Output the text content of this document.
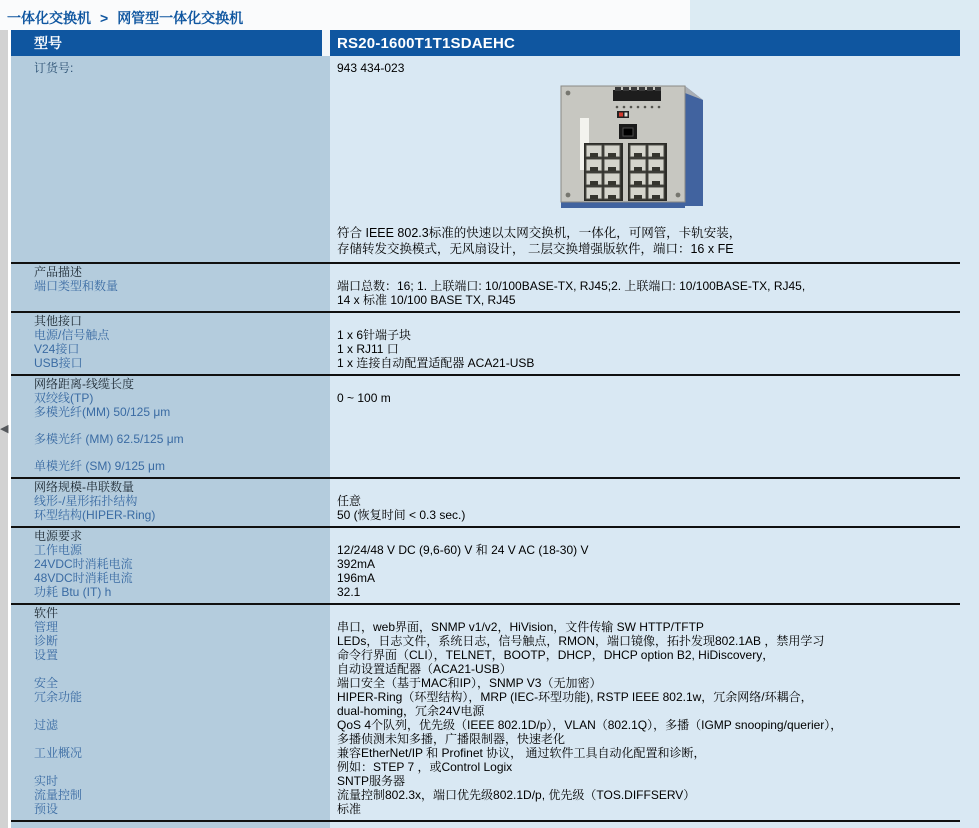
一体化交换机 > 网管型一体化交换机
◀
型号	RS20-1600T1T1SDAEHC
订货号:	943 434-023
符合 IEEE 802.3标准的快速以太网交换机，一体化，可网管，卡轨安装，
存储转发交换模式，无风扇设计， 二层交换增强版软件，端口：16 x FE
产品描述
端口类型和数量	端口总数：16; 1. 上联端口: 10/100BASE-TX, RJ45;2. 上联端口: 10/100BASE-TX, RJ45,
14 x 标准 10/100 BASE TX, RJ45
其他接口
电源/信号触点	1 x 6针端子块
V24接口	1 x RJ11 口
USB接口	1 x 连接自动配置适配器 ACA21-USB
网络距离-线缆长度
双绞线(TP)	0 ~ 100 m
多模光纤(MM) 50/125 μm
多模光纤 (MM) 62.5/125 μm
单模光纤 (SM) 9/125 μm
网络规模-串联数量
线形-/星形拓扑结构	任意
环型结构(HIPER-Ring)	50 (恢复时间 < 0.3 sec.)
电源要求
工作电源	12/24/48 V DC (9,6-60) V 和 24 V AC (18-30) V
24VDC时消耗电流	392mA
48VDC时消耗电流	196mA
功耗 Btu (IT) h	32.1
软件
管理	串口，web界面，SNMP v1/v2，HiVision，文件传输 SW HTTP/TFTP
诊断	LEDs，日志文件，系统日志，信号触点，RMON，端口镜像，拓扑发现802.1AB ，禁用学习
设置	命令行界面（CLI），TELNET，BOOTP，DHCP，DHCP option B2, HiDiscovery，
自动设置适配器（ACA21-USB）
安全	端口安全（基于MAC和IP），SNMP V3（无加密）
冗余功能	HIPER-Ring（环型结构），MRP (IEC-环型功能), RSTP IEEE 802.1w，冗余网络/环耦合，
dual-homing，冗余24V电源
过滤	QoS 4个队列，优先级（IEEE 802.1D/p），VLAN（802.1Q），多播（IGMP snooping/querier），
多播侦测未知多播，广播限制器，快速老化
工业概况	兼容EtherNet/IP 和 Profinet 协议， 通过软件工具自动化配置和诊断，
例如：STEP 7 ，或Control Logix
实时	SNTP服务器
流量控制	流量控制802.3x，端口优先级802.1D/p, 优先级（TOS.DIFFSERV）
预设	标准
